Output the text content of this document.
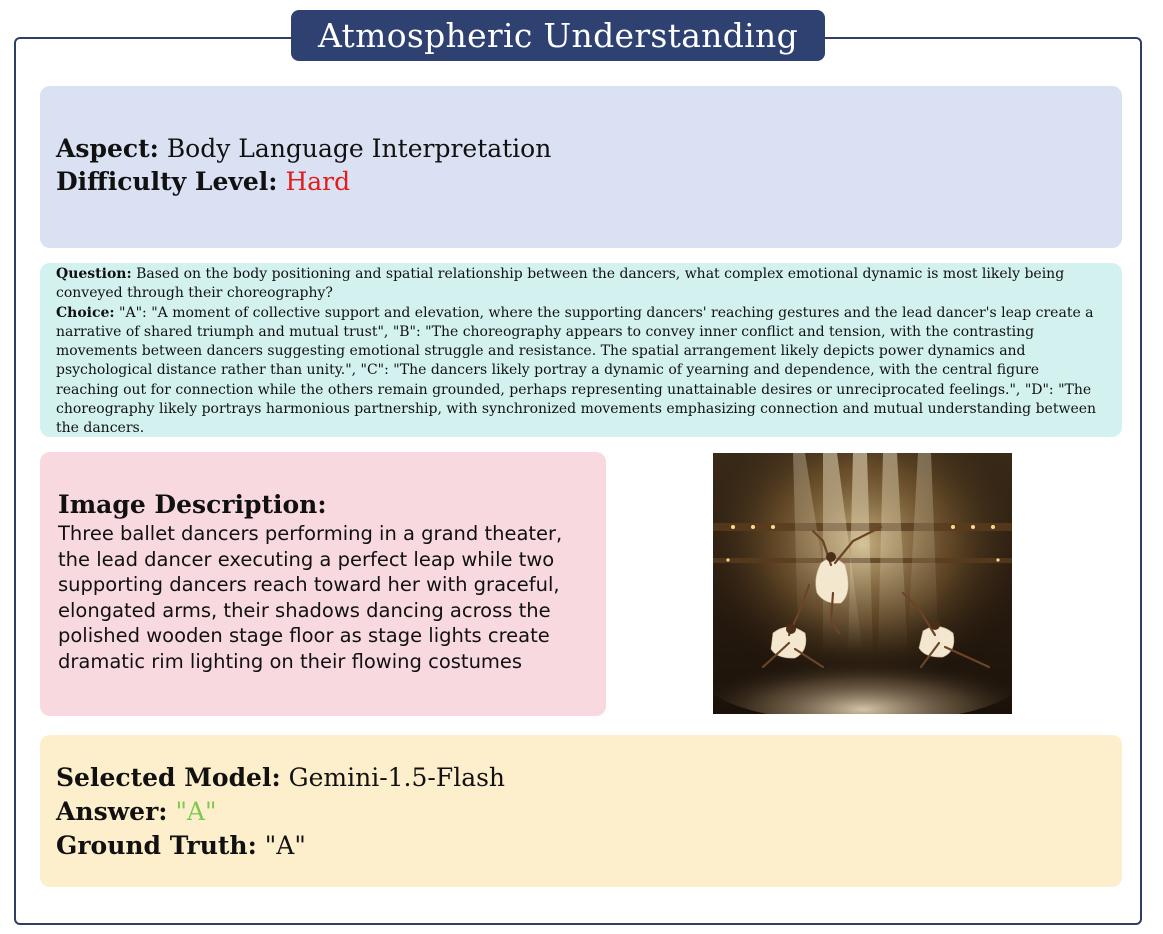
Atmospheric Understanding
Aspect: Body Language Interpretation
Difficulty Level: Hard
Question: Based on the body positioning and spatial relationship between the dancers, what complex emotional dynamic is most likely being conveyed through their choreography?
Choice: "A": "A moment of collective support and elevation, where the supporting dancers' reaching gestures and the lead dancer's leap create a narrative of shared triumph and mutual trust", "B": "The choreography appears to convey inner conflict and tension, with the contrasting movements between dancers suggesting emotional struggle and resistance. The spatial arrangement likely depicts power dynamics and psychological distance rather than unity.", "C": "The dancers likely portray a dynamic of yearning and dependence, with the central figure reaching out for connection while the others remain grounded, perhaps representing unattainable desires or unreciprocated feelings.", "D": "The choreography likely portrays harmonious partnership, with synchronized movements emphasizing connection and mutual understanding between the dancers.
Image Description:
Three ballet dancers performing in a grand theater, the lead dancer executing a perfect leap while two supporting dancers reach toward her with graceful, elongated arms, their shadows dancing across the polished wooden stage floor as stage lights create dramatic rim lighting on their flowing costumes
Selected Model: Gemini-1.5-Flash
Answer: "A"
Ground Truth: "A"
